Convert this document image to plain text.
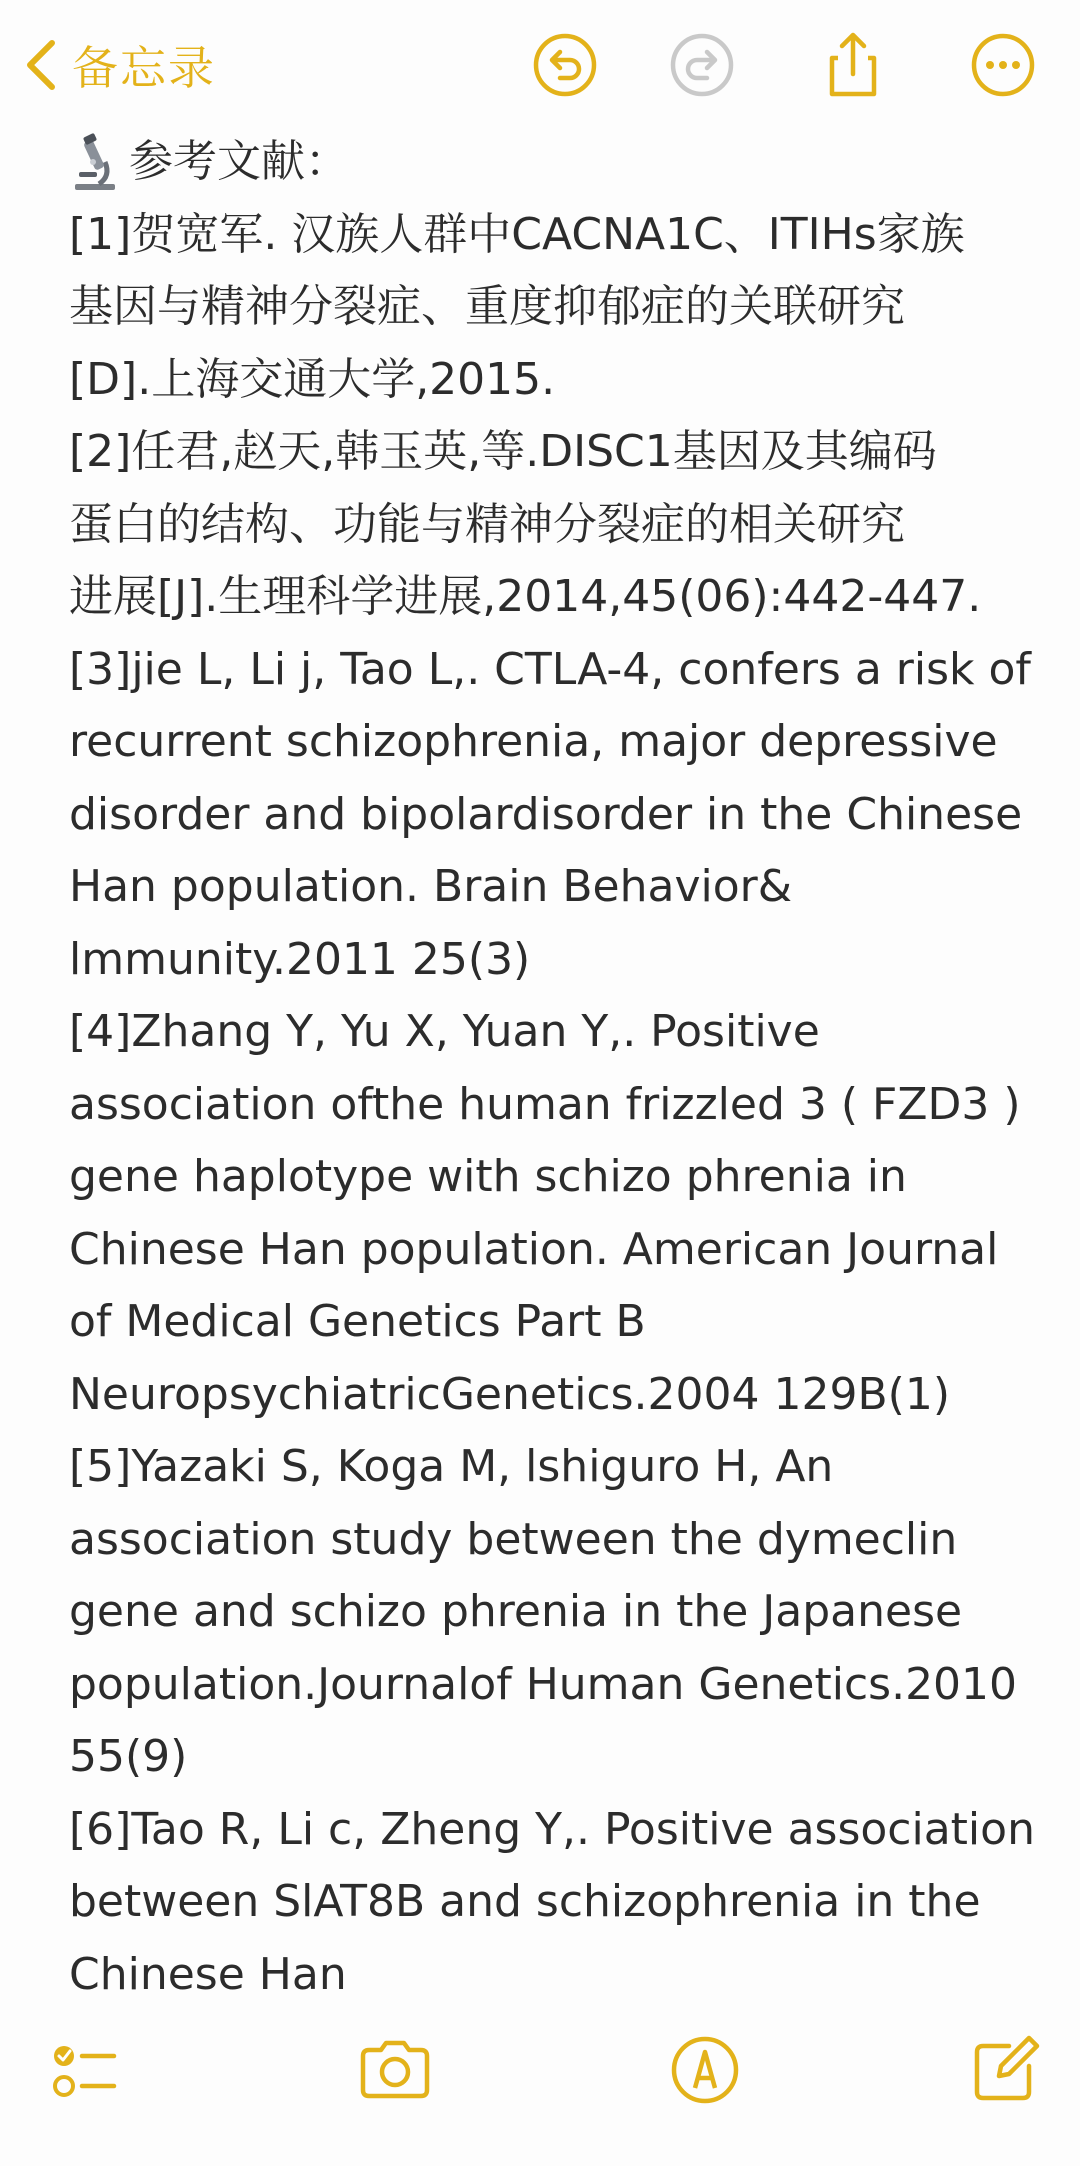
备忘录
参考文献：
[1]贺宽军. 汉族人群中CACNA1C、ITIHs家族
基因与精神分裂症、重度抑郁症的关联研究
[D].上海交通大学,2015.
[2]任君,赵天,韩玉英,等.DISC1基因及其编码
蛋白的结构、功能与精神分裂症的相关研究
进展[J].生理科学进展,2014,45(06):442-447.
[3]jie L, Li j, Tao L,. CTLA-4, confers a risk of
recurrent schizophrenia, major depressive
disorder and bipolardisorder in the Chinese
Han population. Brain Behavior&
lmmunity.2011 25(3)
[4]Zhang Y, Yu X, Yuan Y,. Positive
association ofthe human frizzled 3 ( FZD3 )
gene haplotype with schizo phrenia in
Chinese Han population. American Journal
of Medical Genetics Part B
NeuropsychiatricGenetics.2004 129B(1)
[5]Yazaki S, Koga M, lshiguro H, An
association study between the dymeclin
gene and schizo phrenia in the Japanese
population.Journalof Human Genetics.2010
55(9)
[6]Tao R, Li c, Zheng Y,. Positive association
between SlAT8B and schizophrenia in the
Chinese Han
